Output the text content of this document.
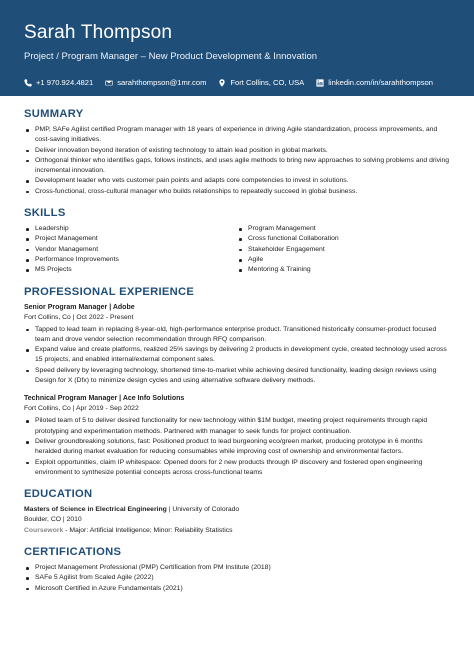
Sarah Thompson
Project / Program Manager – New Product Development & Innovation
+1 970.924.4821	sarahthompson@1mr.com	Fort Collins, CO, USA	linkedin.com/in/sarahthompson
SUMMARY
PMP, SAFe Agilist certified Program manager with 18 years of experience in driving Agile standardization, process improvements, and cost-saving initiatives.
Deliver innovation beyond iteration of existing technology to attain lead position in global markets.
Orthogonal thinker who identifies gaps, follows instincts, and uses agile methods to bring new approaches to solving problems and driving incremental innovation.
Development leader who vets customer pain points and adapts core competencies to invest in solutions.
Cross-functional, cross-cultural manager who builds relationships to repeatedly succeed in global business.
SKILLS
Leadership
Project Management
Vendor Management
Performance Improvements
MS Projects
Program Management
Cross functional Collaboration
Stakeholder Engagement
Agile
Mentoring & Training
PROFESSIONAL EXPERIENCE
Senior Program Manager | Adobe
Fort Collins, Co | Oct 2022 - Present
Tapped to lead team in replacing 8-year-old, high-performance enterprise product. Transitioned historically consumer-product focused team and drove vendor selection recommendation through RFQ comparison.
Expand value and create platforms, realized 25% savings by delivering 2 products in development cycle, created technology used across 15 projects, and enabled internal/external component sales.
Speed delivery by leveraging technology, shortened time-to-market while achieving desired functionality, leading design reviews using Design for X (Dfx) to minimize design cycles and using alternative software delivery methods.
Technical Program Manager | Ace Info Solutions
Fort Collins, Co | Apr 2019 - Sep 2022
Piloted team of 5 to deliver desired functionality for new technology within $1M budget, meeting project requirements through rapid prototyping and experimentation methods. Partnered with manager to seek funds for project continuation.
Deliver groundbreaking solutions, fast: Positioned product to lead burgeoning eco/green market, producing prototype in 6 months heralded during market evaluation for reducing consumables while improving cost of ownership and environmental factors.
Exploit opportunities, claim IP whitespace: Opened doors for 2 new products through IP discovery and fostered open engineering environment to synthesize potential concepts across cross-functional teams
EDUCATION
Masters of Science in Electrical Engineering | University of Colorado
Boulder, CO | 2010
Coursework - Major: Artificial Intelligence; Minor: Reliability Statistics
CERTIFICATIONS
Project Management Professional (PMP) Certification from PM Institute (2018)
SAFe 5 Agilist from Scaled Agile (2022)
Microsoft Certified in Azure Fundamentals (2021)
